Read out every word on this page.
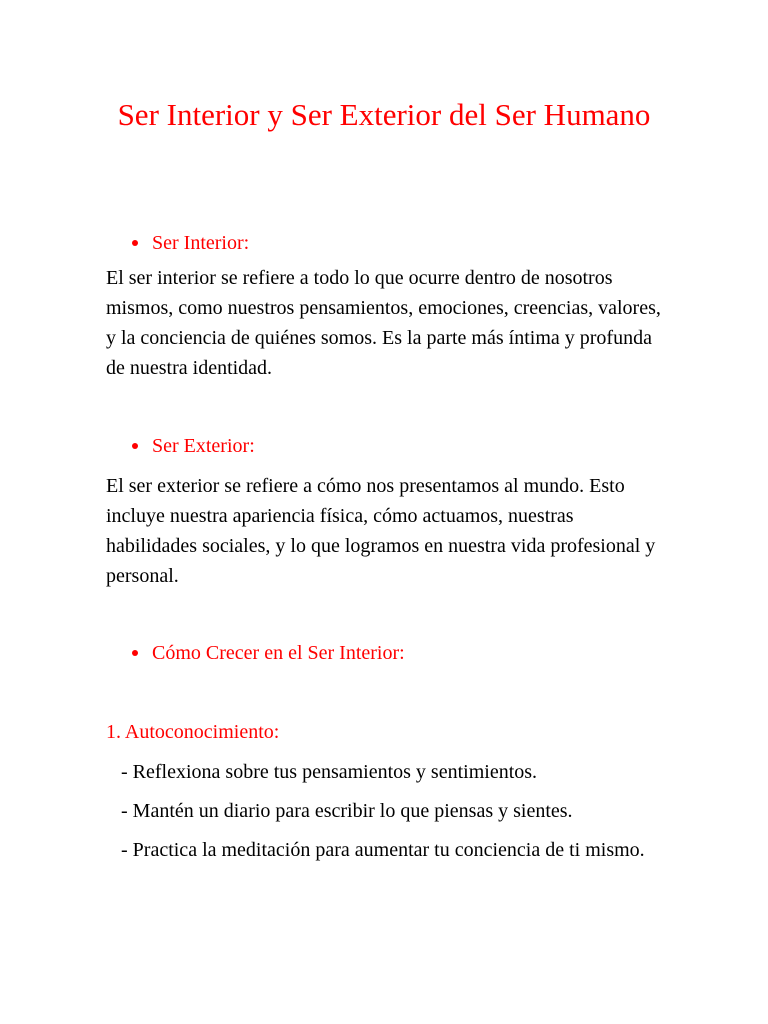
Ser Interior y Ser Exterior del Ser Humano
Ser Interior:

El ser interior se refiere a todo lo que ocurre dentro de nosotros mismos, como nuestros pensamientos, emociones, creencias, valores, y la conciencia de quiénes somos. Es la parte más íntima y profunda de nuestra identidad.

Ser Exterior:

El ser exterior se refiere a cómo nos presentamos al mundo. Esto incluye nuestra apariencia física, cómo actuamos, nuestras habilidades sociales, y lo que logramos en nuestra vida profesional y personal.

Cómo Crecer en el Ser Interior:
1. Autoconocimiento:

- Reflexiona sobre tus pensamientos y sentimientos.

- Mantén un diario para escribir lo que piensas y sientes.

- Practica la meditación para aumentar tu conciencia de ti mismo.
